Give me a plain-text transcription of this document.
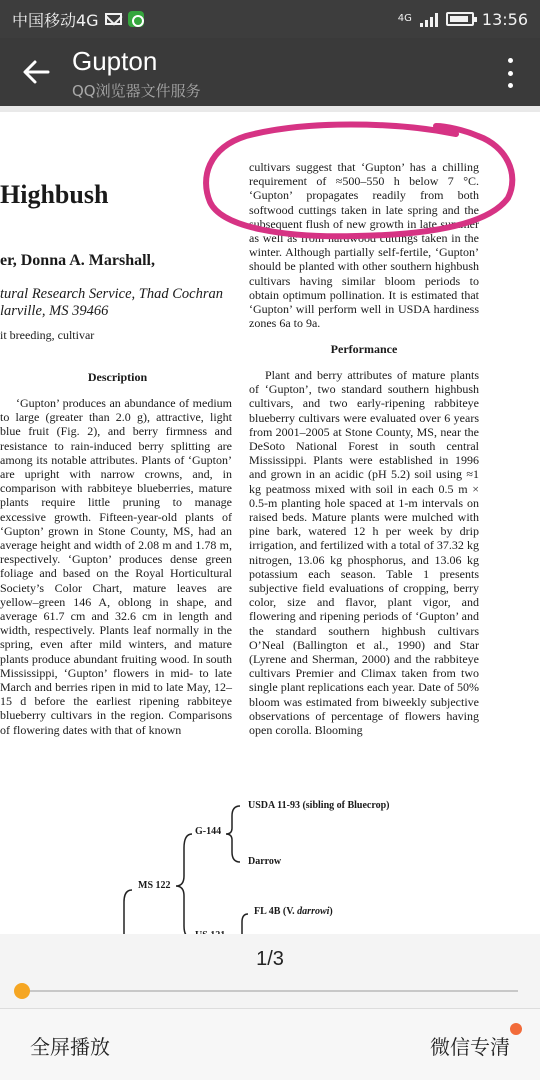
中国移动4G	4G	13:56
Gupton
QQ浏览器文件服务
Highbush
er, Donna A. Marshall,
tural Research Service, Thad Cochran
larville, MS 39466
it breeding, cultivar
Description

‘Gupton’ produces an abundance of medium to large (greater than 2.0 g), attractive, light blue fruit (Fig. 2), and berry firmness and resistance to rain-induced berry splitting are among its notable attributes. Plants of ‘Gupton’ are upright with narrow crowns, and, in comparison with rabbiteye blueberries, mature plants require little pruning to manage excessive growth. Fifteen-year-old plants of ‘Gupton’ grown in Stone County, MS, had an average height and width of 2.08 m and 1.78 m, respectively. ‘Gupton’ produces dense green foliage and based on the Royal Horticultural Society’s Color Chart, mature leaves are yellow–green 146 A, oblong in shape, and average 61.7 cm and 32.6 cm in length and width, respectively. Plants leaf normally in the spring, even after mild winters, and mature plants produce abundant fruiting wood. In south Mississippi, ‘Gupton’ flowers in mid- to late March and berries ripen in mid to late May, 12–15 d before the earliest ripening rabbiteye blueberry cultivars in the region. Comparisons of flowering dates with that of known

cultivars suggest that ‘Gupton’ has a chilling requirement of ≈500–550 h below 7 °C. ‘Gupton’ propagates readily from both softwood cuttings taken in late spring and the subsequent flush of new growth in late summer as well as from hardwood cuttings taken in the winter. Although partially self-fertile, ‘Gupton’ should be planted with other southern highbush cultivars having similar bloom periods to obtain optimum pollination. It is estimated that ‘Gupton’ will perform well in USDA hardiness zones 6a to 9a.

Performance

Plant and berry attributes of mature plants of ‘Gupton’, two standard southern highbush cultivars, and two early-ripening rabbiteye blueberry cultivars were evaluated over 6 years from 2001–2005 at Stone County, MS, near the DeSoto National Forest in south central Mississippi. Plants were established in 1996 and grown in an acidic (pH 5.2) soil using ≈1 kg peatmoss mixed with soil in each 0.5 m × 0.5-m planting hole spaced at 1-m intervals on raised beds. Mature plants were mulched with pine bark, watered 12 h per week by drip irrigation, and fertilized with a total of 37.32 kg nitrogen, 13.06 kg phosphorus, and 13.06 kg potassium each season. Table 1 presents subjective field evaluations of cropping, berry color, size and flavor, plant vigor, and flowering and ripening periods of ‘Gupton’ and the standard southern highbush cultivars O’Neal (Ballington et al., 1990) and Star (Lyrene and Sherman, 2000) and the rabbiteye cultivars Premier and Climax taken from two single plant replications each year. Date of 50% bloom was estimated from biweekly subjective observations of percentage of flowers having open corolla. Blooming

USDA 11-93 (sibling of Bluecrop)
G-144
Darrow
MS 122
FL 4B (V. darrowi)
1/3
全屏播放	微信专清
